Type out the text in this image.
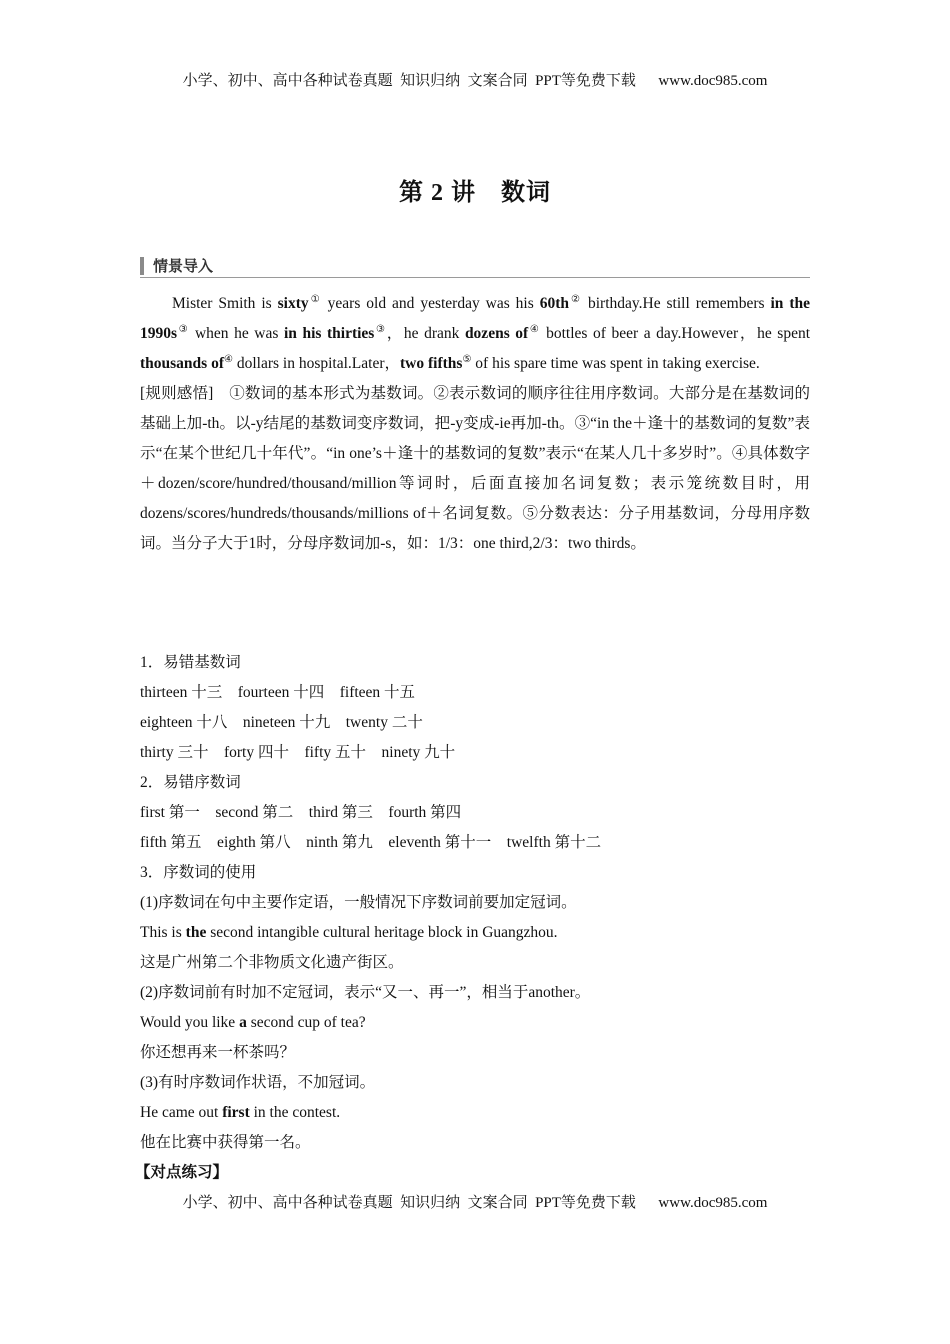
小学、初中、高中各种试卷真题  知识归纳  文案合同  PPT等免费下载 www.doc985.com
第 2 讲　数词
情景导入

Mister Smith is sixty① years old and yesterday was his 60th② birthday.He still remembers in the 1990s③ when he was in his thirties③，he drank dozens of④ bottles of beer a day.However，he spent thousands of④ dollars in hospital.Later，two fifths⑤ of his spare time was spent in taking exercise.

[规则感悟]　①数词的基本形式为基数词。②表示数词的顺序往往用序数词。大部分是在基数词的基础上加-th。以-y结尾的基数词变序数词，把-y变成-ie再加-th。③“in the＋逢十的基数词的复数”表示“在某个世纪几十年代”。“in one’s＋逢十的基数词的复数”表示“在某人几十多岁时”。④具体数字＋dozen/score/hundred/thousand/million等词时，后面直接加名词复数；表示笼统数目时，用dozens/scores/hundreds/thousands/millions of＋名词复数。⑤分数表达：分子用基数词，分母用序数词。当分子大于1时，分母序数词加-s，如：1/3：one third,2/3：two thirds。

1．易错基数词
thirteen 十三　fourteen 十四　fifteen 十五
eighteen 十八　nineteen 十九　twenty 二十
thirty 三十　forty 四十　fifty 五十　ninety 九十
2．易错序数词
first 第一　second 第二　third 第三　fourth 第四
fifth 第五　eighth 第八　ninth 第九　eleventh 第十一　twelfth 第十二
3．序数词的使用
(1)序数词在句中主要作定语，一般情况下序数词前要加定冠词。
This is the second intangible cultural heritage block in Guangzhou.
这是广州第二个非物质文化遗产街区。
(2)序数词前有时加不定冠词，表示“又一、再一”，相当于another。
Would you like a second cup of tea?
你还想再来一杯茶吗？
(3)有时序数词作状语，不加冠词。
He came out first in the contest.
他在比赛中获得第一名。
【对点练习】
小学、初中、高中各种试卷真题  知识归纳  文案合同  PPT等免费下载 www.doc985.com
